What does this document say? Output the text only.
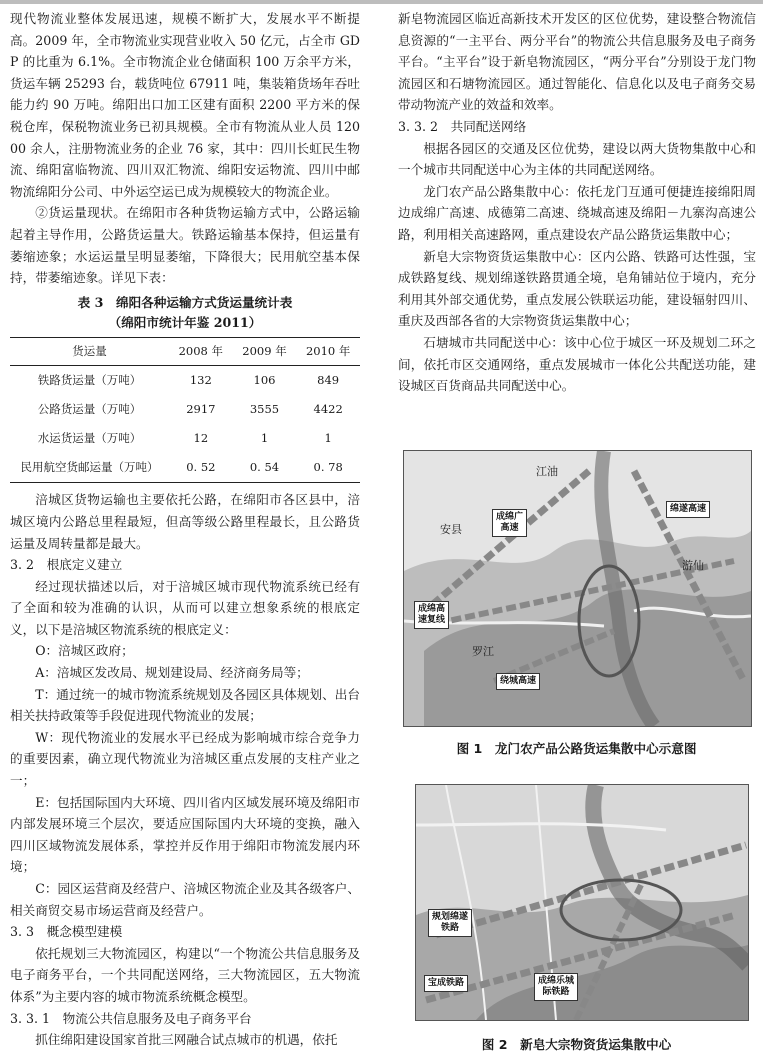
现代物流业整体发展迅速，规模不断扩大，发展水平不断提高。2009 年，全市物流业实现营业收入 50 亿元，占全市 GDP 的比重为 6.1%。全市物流企业仓储面积 100 万余平方米，货运车辆 25293 台，载货吨位 67911 吨，集装箱货场年吞吐能力约 90 万吨。绵阳出口加工区建有面积 2200 平方米的保税仓库，保税物流业务已初具规模。全市有物流从业人员 12000 余人，注册物流业务的企业 76 家，其中：四川长虹民生物流、绵阳富临物流、四川双汇物流、绵阳安运物流、四川中邮物流绵阳分公司、中外运空运已成为规模较大的物流企业。

②货运量现状。在绵阳市各种货物运输方式中，公路运输起着主导作用，公路货运量大。铁路运输基本保持，但运量有萎缩迹象；水运运量呈明显萎缩，下降很大；民用航空基本保持，带萎缩迹象。详见下表：

表 3　绵阳各种运输方式货运量统计表
（绵阳市统计年鉴 2011）
货运量	2008 年	2009 年	2010 年
铁路货运量（万吨）	132	106	849
公路货运量（万吨）	2917	3555	4422
水运货运量（万吨）	12	1	1
民用航空货邮运量（万吨）	0. 52	0. 54	0. 78

涪城区货物运输也主要依托公路，在绵阳市各区县中，涪城区境内公路总里程最短，但高等级公路里程最长，且公路货运量及周转量都是最大。

3. 2　根底定义建立

经过现状描述以后，对于涪城区城市现代物流系统已经有了全面和较为准确的认识，从而可以建立想象系统的根底定义，以下是涪城区物流系统的根底定义：

O：涪城区政府；

A：涪城区发改局、规划建设局、经济商务局等；

T：通过统一的城市物流系统规划及各园区具体规划、出台相关扶持政策等手段促进现代物流业的发展；

W：现代物流业的发展水平已经成为影响城市综合竞争力的重要因素，确立现代物流业为涪城区重点发展的支柱产业之一；

E：包括国际国内大环境、四川省内区域发展环境及绵阳市内部发展环境三个层次，要适应国际国内大环境的变换，融入四川区域物流发展体系，掌控并反作用于绵阳市物流发展内环境；

C：园区运营商及经营户、涪城区物流企业及其各级客户、相关商贸交易市场运营商及经营户。

3. 3　概念模型建模

依托规划三大物流园区，构建以“一个物流公共信息服务及电子商务平台，一个共同配送网络，三大物流园区，五大物流体系”为主要内容的城市物流系统概念模型。

3. 3. 1　物流公共信息服务及电子商务平台

抓住绵阳建设国家首批三网融合试点城市的机遇，依托

新皂物流园区临近高新技术开发区的区位优势，建设整合物流信息资源的“一主平台、两分平台”的物流公共信息服务及电子商务平台。“主平台”设于新皂物流园区，“两分平台”分别设于龙门物流园区和石塘物流园区。通过智能化、信息化以及电子商务交易带动物流产业的效益和效率。

3. 3. 2　共同配送网络

根据各园区的交通及区位优势，建设以两大货物集散中心和一个城市共同配送中心为主体的共同配送网络。

龙门农产品公路集散中心：依托龙门互通可便捷连接绵阳周边成绵广高速、成德第二高速、绕城高速及绵阳－九寨沟高速公路，利用相关高速路网，重点建设农产品公路货运集散中心；

新皂大宗物资货运集散中心：区内公路、铁路可达性强，宝成铁路复线、规划绵遂铁路贯通全境，皂角铺站位于境内，充分利用其外部交通优势，重点发展公铁联运功能，建设辐射四川、重庆及西部各省的大宗物资货运集散中心；

石塘城市共同配送中心：该中心位于城区一环及规划二环之间，依托市区交通网络，重点发展城市一体化公共配送功能，建设城区百货商品共同配送中心。

江油
安县
游仙
罗江
成绵广
高速
绵遂高速
成绵高
速复线
绕城高速
图 1　龙门农产品公路货运集散中心示意图
规划绵遂
铁路
宝成铁路	成绵乐城
际铁路
图 2　新皂大宗物资货运集散中心
